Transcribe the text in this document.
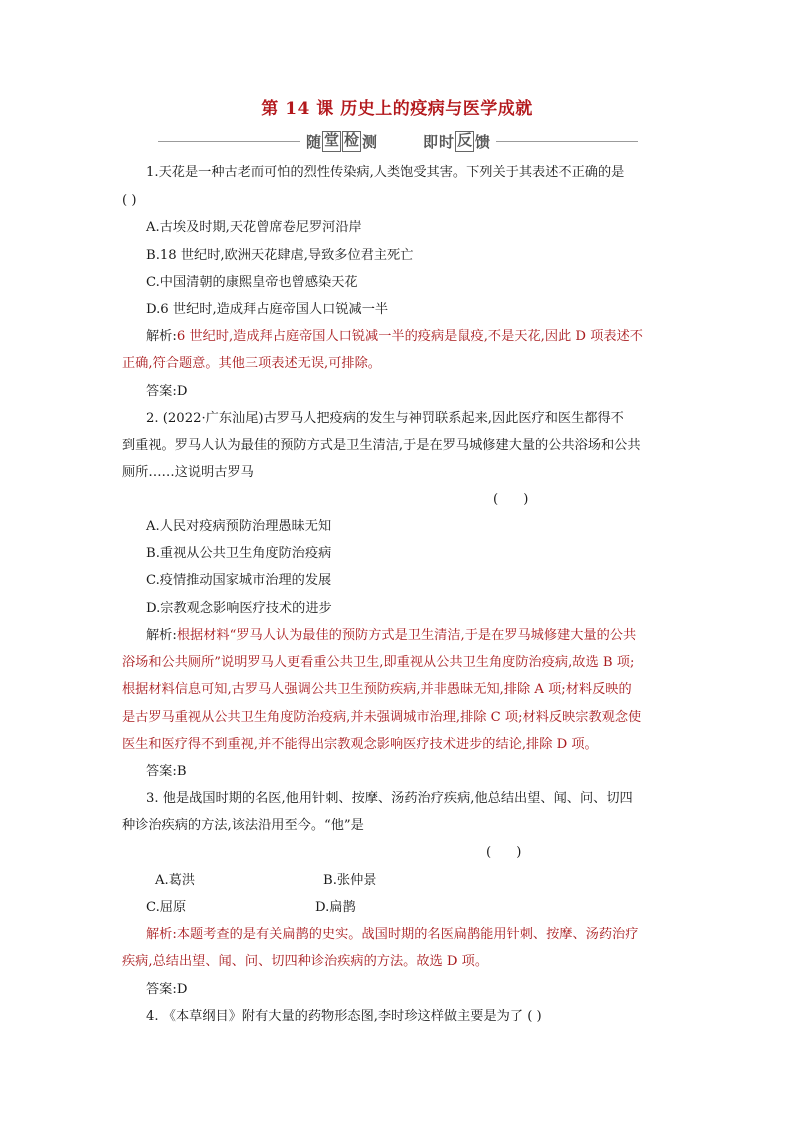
第 14 课 历史上的疫病与医学成就
随 堂 检 测	即 时 反 馈
1.天花是一种古老而可怕的烈性传染病,人类饱受其害。下列关于其表述不正确的是
( )
A.古埃及时期,天花曾席卷尼罗河沿岸
B.18 世纪时,欧洲天花肆虐,导致多位君主死亡
C.中国清朝的康熙皇帝也曾感染天花
D.6 世纪时,造成拜占庭帝国人口锐减一半
解析:6 世纪时,造成拜占庭帝国人口锐减一半的疫病是鼠疫,不是天花,因此 D 项表述不
正确,符合题意。其他三项表述无误,可排除。
答案:D
2. (2022·广东汕尾)古罗马人把疫病的发生与神罚联系起来,因此医疗和医生都得不
到重视。罗马人认为最佳的预防方式是卫生清洁,于是在罗马城修建大量的公共浴场和公共
厕所……这说明古罗马
(      )
A.人民对疫病预防治理愚昧无知
B.重视从公共卫生角度防治疫病
C.疫情推动国家城市治理的发展
D.宗教观念影响医疗技术的进步
解析:根据材料“罗马人认为最佳的预防方式是卫生清洁,于是在罗马城修建大量的公共
浴场和公共厕所”说明罗马人更看重公共卫生,即重视从公共卫生角度防治疫病,故选 B 项;
根据材料信息可知,古罗马人强调公共卫生预防疾病,并非愚昧无知,排除 A 项;材料反映的
是古罗马重视从公共卫生角度防治疫病,并未强调城市治理,排除 C 项;材料反映宗教观念使
医生和医疗得不到重视,并不能得出宗教观念影响医疗技术进步的结论,排除 D 项。
答案:B
3. 他是战国时期的名医,他用针刺、按摩、汤药治疗疾病,他总结出望、闻、问、切四
种诊治疾病的方法,该法沿用至今。“他”是
(      )
A.葛洪	B.张仲景
C.屈原	D.扁鹊
解析:本题考查的是有关扁鹊的史实。战国时期的名医扁鹊能用针刺、按摩、汤药治疗
疾病,总结出望、闻、问、切四种诊治疾病的方法。故选 D 项。
答案:D
4. 《本草纲目》附有大量的药物形态图,李时珍这样做主要是为了 ( )
